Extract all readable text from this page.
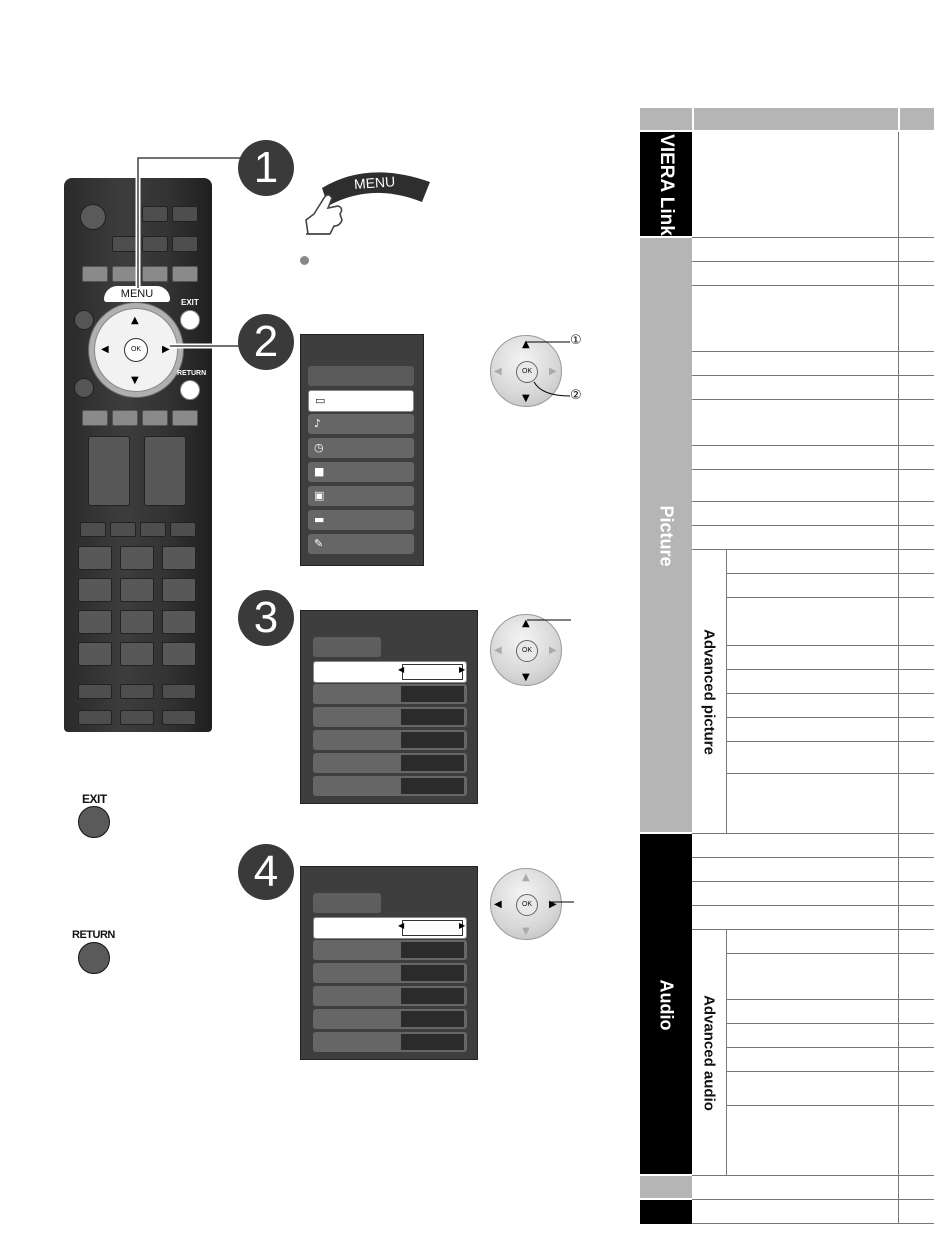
MENU
EXIT
▲
▼
◀	▶
OK
RETURN
1
2
3
4
MENU
▭
♪
◷
■
▣
▬
✎
OK
▲
▼
◀	▶
①
②
◀	▶
OK
▲
▼
◀	▶
◀	▶
OK
▲
▼
◀	▶
EXIT
RETURN
VIERA Link
Picture
Audio
Advanced picture
Advanced audio
